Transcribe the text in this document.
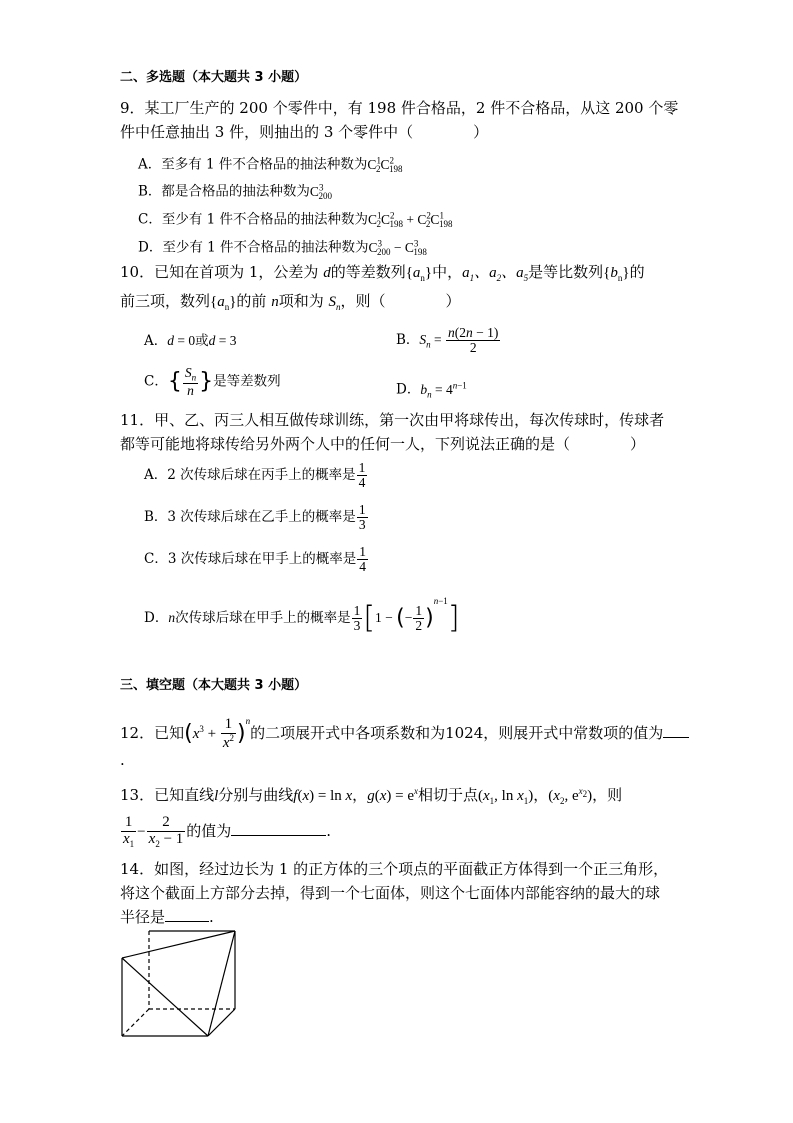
二、多选题（本大题共 3 小题）
9．某工厂生产的 200 个零件中，有 198 件合格品，2 件不合格品，从这 200 个零
件中任意抽出 3 件，则抽出的 3 个零件中（　　　　）
A．至多有 1 件不合格品的抽法种数为$C^1_2C^2_{198}$
B．都是合格品的抽法种数为$C^3_{200}$
C．至少有 1 件不合格品的抽法种数为$C^1_2C^2_{198} + C^2_2C^1_{198}$
D．至少有 1 件不合格品的抽法种数为$C^3_{200} - C^3_{198}$
10．已知在首项为 1，公差为 d的等差数列$\{a_n\}$中，$a_1$、$a_2$、$a_5$是等比数列$\{b_n\}$的
前三项，数列$\{a_n\}$的前 n项和为 $S_n$，则（　　　　）
A．d = 0或d = 3	B．$S_n = \frac{n(2n - 1)}{2}$
C．{ $\frac{S_n}{n}$ }是等差数列	D．$b_n = 4^{n-1}$
11．甲、乙、丙三人相互做传球训练，第一次由甲将球传出，每次传球时，传球者
都等可能地将球传给另外两个人中的任何一人，下列说法正确的是（　　　　）
A．2 次传球后球在丙手上的概率是 $\frac{1}{4}$
B．3 次传球后球在乙手上的概率是 $\frac{1}{3}$
C．3 次传球后球在甲手上的概率是 $\frac{1}{4}$
D．n次传球后球在甲手上的概率是 $\frac{1}{3} [1$ − (− $\frac{1}{2} )^{n-1}$]
三、填空题（本大题共 3 小题）
12．已知$(x^3 + \frac{1}{x^2} )^n$的二项展开式中各项系数和为1024，则展开式中常数项的值为
.
13．已知直线l分别与曲线f(x) = ln x，$g(x) = e^x$相切于点($x_1$, $\ln x_1$)，($x_2$, $e^{x_2}$)，则
$\frac{1}{x_1} - \frac{2}{x_2 - 1}$ 的值为	.
14．如图，经过边长为 1 的正方体的三个项点的平面截正方体得到一个正三角形，
将这个截面上方部分去掉，得到一个七面体，则这个七面体内部能容纳的最大的球
半径是	.
